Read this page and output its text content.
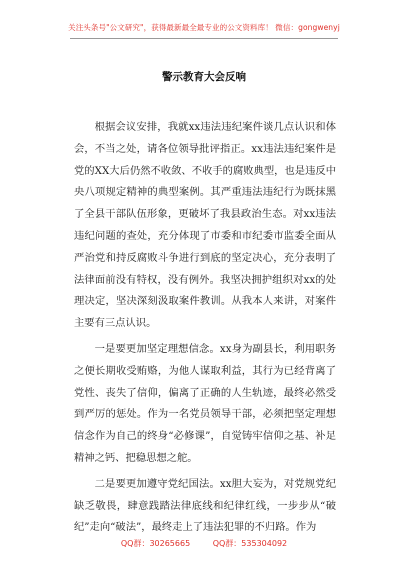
关注头条号"公文研究"，获得最新最全最专业的公文资料库！ 微信：gongwenyj
警示教育大会反响

根据会议安排，我就xx违法违纪案件谈几点认识和体会，不当之处，请各位领导批评指正。xx违法违纪案件是党的XX大后仍然不收敛、不收手的腐败典型，也是违反中央八项规定精神的典型案例。其严重违法违纪行为既抹黑了全县干部队伍形象，更破坏了我县政治生态。对xx违法违纪问题的查处，充分体现了市委和市纪委市监委全面从严治党和持反腐败斗争进行到底的坚定决心，充分表明了法律面前没有特权，没有例外。我坚决拥护组织对xx的处理决定，坚决深刻汲取案件教训。从我本人来讲，对案件主要有三点认识。

一是要更加坚定理想信念。xx身为副县长，利用职务之便长期收受贿赂，为他人谋取利益，其行为已经背离了党性、丧失了信仰，偏离了正确的人生轨迹，最终必然受到严厉的惩处。作为一名党员领导干部，必须把坚定理想信念作为自己的终身“必修课”，自觉铸牢信仰之基、补足精神之钙、把稳思想之舵。

二是要更加遵守党纪国法。xx胆大妄为，对党规党纪缺乏敬畏，肆意践踏法律底线和纪律红线，一步步从“破纪”走向“破法”，最终走上了违法犯罪的不归路。作为

QQ群：30265665	QQ群：535304092
